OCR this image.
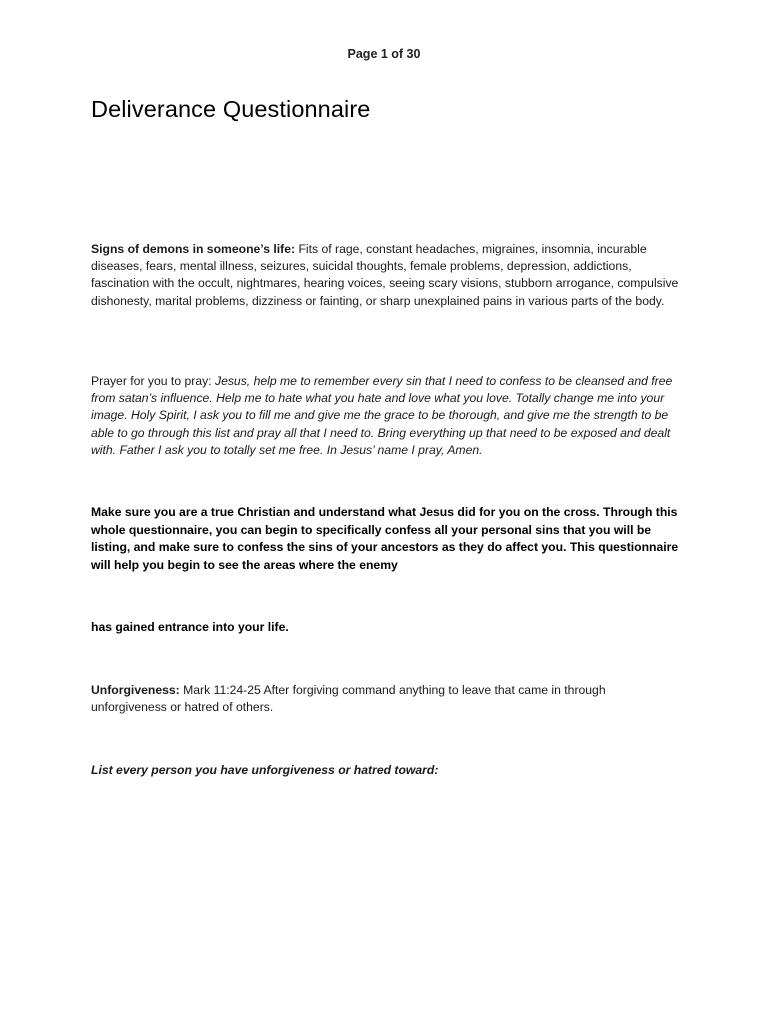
Page 1 of 30
Deliverance Questionnaire

Signs of demons in someone’s life: Fits of rage, constant headaches, migraines, insomnia, incurable diseases, fears, mental illness, seizures, suicidal thoughts, female problems, depression, addictions, fascination with the occult, nightmares, hearing voices, seeing scary visions, stubborn arrogance, compulsive dishonesty, marital problems, dizziness or fainting, or sharp unexplained pains in various parts of the body.

Prayer for you to pray: Jesus, help me to remember every sin that I need to confess to be cleansed and free from satan’s influence. Help me to hate what you hate and love what you love. Totally change me into your image. Holy Spirit, I ask you to fill me and give me the grace to be thorough, and give me the strength to be able to go through this list and pray all that I need to. Bring everything up that need to be exposed and dealt with. Father I ask you to totally set me free. In Jesus’ name I pray, Amen.

Make sure you are a true Christian and understand what Jesus did for you on the cross. Through this whole questionnaire, you can begin to specifically confess all your personal sins that you will be listing, and make sure to confess the sins of your ancestors as they do affect you. This questionnaire will help you begin to see the areas where the enemy

has gained entrance into your life.

Unforgiveness: Mark 11:24-25 After forgiving command anything to leave that came in through unforgiveness or hatred of others.

List every person you have unforgiveness or hatred toward:
